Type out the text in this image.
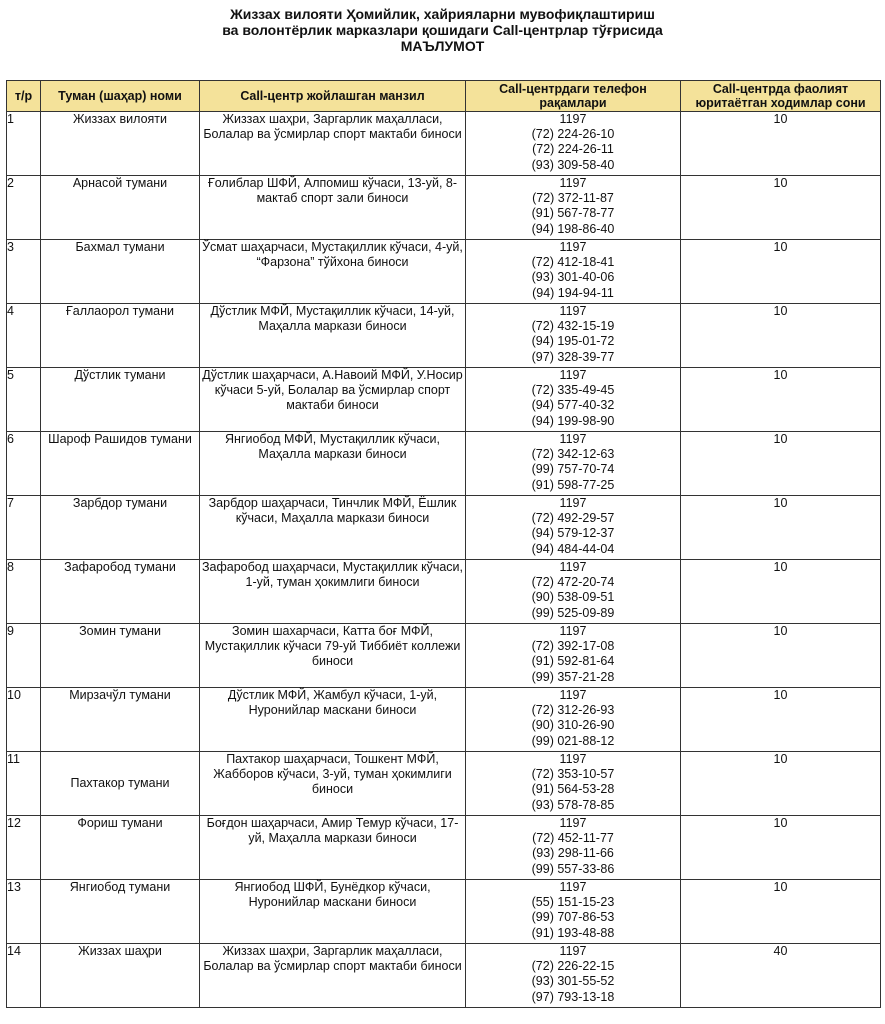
Жиззах вилояти Ҳомийлик, хайрияларни мувофиқлаштириш
ва волонтёрлик марказлари қошидаги Call-центрлар тўғрисида
МАЪЛУМОТ
т/р	Туман (шаҳар) номи	Call-центр жойлашган манзил	Call-центрдаги телефон рақамлари	Call-центрда фаолият юритаётган ходимлар сони
1	Жиззах вилояти	Жиззах шаҳри, Заргарлик маҳалласи, Болалар ва ўсмирлар спорт мактаби биноси	1197
(72) 224-26-10
(72) 224-26-11
(93) 309-58-40	10
2	Арнасой тумани	Ғолиблар ШФЙ, Алпомиш кўчаси, 13-уй, 8-мактаб спорт зали биноси	1197
(72) 372-11-87
(91) 567-78-77
(94) 198-86-40	10
3	Бахмал тумани	Ўсмат шаҳарчаси, Мустақиллик кўчаси, 4-уй, “Фарзона” тўйхона биноси	1197
(72) 412-18-41
(93) 301-40-06
(94) 194-94-11	10
4	Ғаллаорол тумани	Дўстлик МФЙ, Мустақиллик кўчаси, 14-уй, Маҳалла маркази биноси	1197
(72) 432-15-19
(94) 195-01-72
(97) 328-39-77	10
5	Дўстлик тумани	Дўстлик шаҳарчаси, А.Навоий МФЙ, У.Носир кўчаси 5-уй, Болалар ва ўсмирлар спорт мактаби биноси	1197
(72) 335-49-45
(94) 577-40-32
(94) 199-98-90	10
6	Шароф Рашидов тумани	Янгиобод МФЙ, Мустақиллик кўчаси, Маҳалла маркази биноси	1197
(72) 342-12-63
(99) 757-70-74
(91) 598-77-25	10
7	Зарбдор тумани	Зарбдор шаҳарчаси, Тинчлик МФЙ, Ёшлик кўчаси, Маҳалла маркази биноси	1197
(72) 492-29-57
(94) 579-12-37
(94) 484-44-04	10
8	Зафаробод тумани	Зафаробод шаҳарчаси, Мустақиллик кўчаси, 1-уй, туман ҳокимлиги биноси	1197
(72) 472-20-74
(90) 538-09-51
(99) 525-09-89	10
9	Зомин тумани	Зомин шахарчаси, Катта боғ МФЙ, Мустақиллик кўчаси 79-уй Тиббиёт коллежи биноси	1197
(72) 392-17-08
(91) 592-81-64
(99) 357-21-28	10
10	Мирзачўл тумани	Дўстлик МФЙ, Жамбул кўчаси, 1-уй, Нуронийлар маскани биноси	1197
(72) 312-26-93
(90) 310-26-90
(99) 021-88-12	10
11	Пахтакор тумани	Пахтакор шаҳарчаси, Тошкент МФЙ, Жабборов кўчаси, 3-уй, туман ҳокимлиги биноси	1197
(72) 353-10-57
(91) 564-53-28
(93) 578-78-85	10
12	Фориш тумани	Боғдон шаҳарчаси, Амир Темур кўчаси, 17-уй, Маҳалла маркази биноси	1197
(72) 452-11-77
(93) 298-11-66
(99) 557-33-86	10
13	Янгиобод тумани	Янгиобод ШФЙ, Бунёдкор кўчаси, Нуронийлар маскани биноси	1197
(55) 151-15-23
(99) 707-86-53
(91) 193-48-88	10
14	Жиззах шаҳри	Жиззах шаҳри, Заргарлик маҳалласи, Болалар ва ўсмирлар спорт мактаби биноси	1197
(72) 226-22-15
(93) 301-55-52
(97) 793-13-18	40
